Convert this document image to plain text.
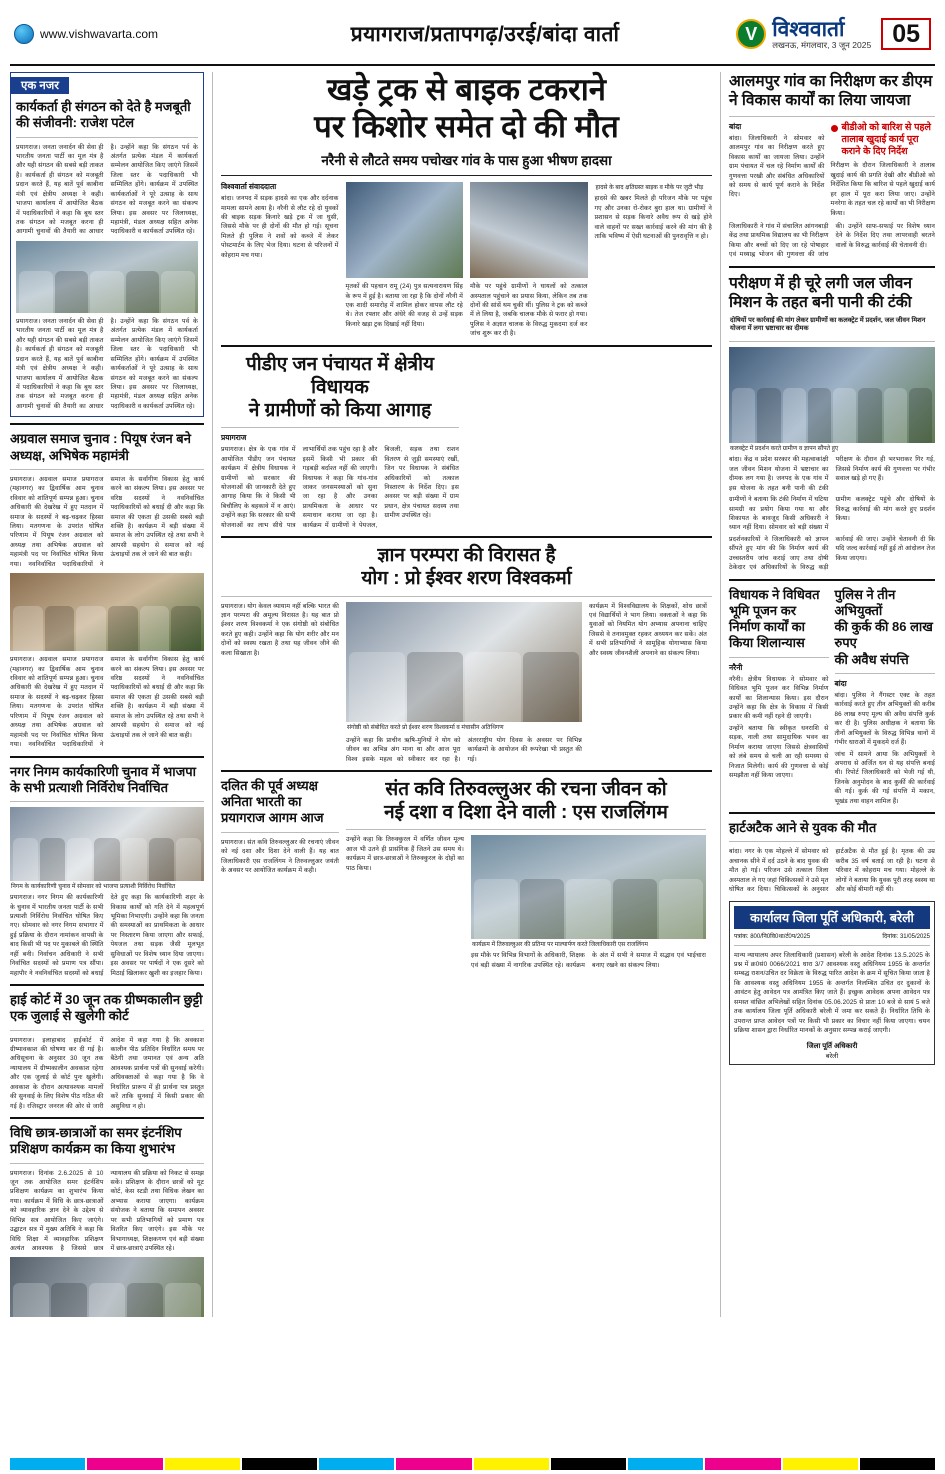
www.vishwavarta.com	प्रयागराज/प्रतापगढ़/उरई/बांदा वार्ता	V विश्ववार्ता
लखनऊ, मंगलवार, 3 जून 2025 05
एक नजर
कार्यकर्ता ही संगठन को देते है मजबूती की संजीवनी: राजेश पटेल
प्रयागराज। जनता जनार्दन की सेवा ही भारतीय जनता पार्टी का मूल मंत्र है और यही संगठन की सबसे बड़ी ताकत है। कार्यकर्ता ही संगठन को मजबूती प्रदान करते हैं, यह बातें पूर्व काबीना मंत्री एवं क्षेत्रीय अध्यक्ष ने कही। भाजपा कार्यालय में आयोजित बैठक में पदाधिकारियों ने कहा कि बूथ स्तर तक संगठन को मजबूत करना ही आगामी चुनावों की तैयारी का आधार है। उन्होंने कहा कि संगठन पर्व के अंतर्गत प्रत्येक मंडल में कार्यकर्ता सम्मेलन आयोजित किए जाएंगे जिसमें जिला स्तर के पदाधिकारी भी सम्मिलित होंगे। कार्यक्रम में उपस्थित कार्यकर्ताओं ने पूरे उत्साह के साथ संगठन को मजबूत करने का संकल्प लिया। इस अवसर पर जिलाध्यक्ष, महामंत्री, मंडल अध्यक्ष सहित अनेक पदाधिकारी व कार्यकर्ता उपस्थित रहे।
प्रयागराज। जनता जनार्दन की सेवा ही भारतीय जनता पार्टी का मूल मंत्र है और यही संगठन की सबसे बड़ी ताकत है। कार्यकर्ता ही संगठन को मजबूती प्रदान करते हैं, यह बातें पूर्व काबीना मंत्री एवं क्षेत्रीय अध्यक्ष ने कही। भाजपा कार्यालय में आयोजित बैठक में पदाधिकारियों ने कहा कि बूथ स्तर तक संगठन को मजबूत करना ही आगामी चुनावों की तैयारी का आधार है। उन्होंने कहा कि संगठन पर्व के अंतर्गत प्रत्येक मंडल में कार्यकर्ता सम्मेलन आयोजित किए जाएंगे जिसमें जिला स्तर के पदाधिकारी भी सम्मिलित होंगे। कार्यक्रम में उपस्थित कार्यकर्ताओं ने पूरे उत्साह के साथ संगठन को मजबूत करने का संकल्प लिया। इस अवसर पर जिलाध्यक्ष, महामंत्री, मंडल अध्यक्ष सहित अनेक पदाधिकारी व कार्यकर्ता उपस्थित रहे।
अग्रवाल समाज चुनाव : पियूष रंजन बने अध्यक्ष, अभिषेक महामंत्री
प्रयागराज। अग्रवाल समाज प्रयागराज (महानगर) का द्विवार्षिक आम चुनाव रविवार को शांतिपूर्ण सम्पन्न हुआ। चुनाव अधिकारी की देखरेख में हुए मतदान में समाज के सदस्यों ने बढ़-चढ़कर हिस्सा लिया। मतगणना के उपरांत घोषित परिणाम में पियूष रंजन अग्रवाल को अध्यक्ष तथा अभिषेक अग्रवाल को महामंत्री पद पर निर्वाचित घोषित किया गया। नवनिर्वाचित पदाधिकारियों ने समाज के सर्वांगीण विकास हेतु कार्य करने का संकल्प लिया। इस अवसर पर वरिष्ठ सदस्यों ने नवनिर्वाचित पदाधिकारियों को बधाई दी और कहा कि समाज की एकता ही उसकी सबसे बड़ी शक्ति है। कार्यक्रम में बड़ी संख्या में समाज के लोग उपस्थित रहे तथा सभी ने आपसी सहयोग से समाज को नई ऊंचाइयों तक ले जाने की बात कही।
प्रयागराज। अग्रवाल समाज प्रयागराज (महानगर) का द्विवार्षिक आम चुनाव रविवार को शांतिपूर्ण सम्पन्न हुआ। चुनाव अधिकारी की देखरेख में हुए मतदान में समाज के सदस्यों ने बढ़-चढ़कर हिस्सा लिया। मतगणना के उपरांत घोषित परिणाम में पियूष रंजन अग्रवाल को अध्यक्ष तथा अभिषेक अग्रवाल को महामंत्री पद पर निर्वाचित घोषित किया गया। नवनिर्वाचित पदाधिकारियों ने समाज के सर्वांगीण विकास हेतु कार्य करने का संकल्प लिया। इस अवसर पर वरिष्ठ सदस्यों ने नवनिर्वाचित पदाधिकारियों को बधाई दी और कहा कि समाज की एकता ही उसकी सबसे बड़ी शक्ति है। कार्यक्रम में बड़ी संख्या में समाज के लोग उपस्थित रहे तथा सभी ने आपसी सहयोग से समाज को नई ऊंचाइयों तक ले जाने की बात कही।
नगर निगम कार्यकारिणी चुनाव में भाजपा के सभी प्रत्याशी निर्विरोध निर्वाचित
निगम के कार्यकारिणी चुनाव में सोमवार को भाजपा प्रत्याशी निर्विरोध निर्वाचित
प्रयागराज। नगर निगम की कार्यकारिणी के चुनाव में भारतीय जनता पार्टी के सभी प्रत्याशी निर्विरोध निर्वाचित घोषित किए गए। सोमवार को नगर निगम सभागार में हुई प्रक्रिया के दौरान नामांकन वापसी के बाद किसी भी पद पर मुकाबले की स्थिति नहीं बनी। निर्वाचन अधिकारी ने सभी निर्वाचित सदस्यों को प्रमाण पत्र सौंपा। महापौर ने नवनिर्वाचित सदस्यों को बधाई देते हुए कहा कि कार्यकारिणी शहर के विकास कार्यों को गति देने में महत्वपूर्ण भूमिका निभाएगी। उन्होंने कहा कि जनता की समस्याओं का प्राथमिकता के आधार पर निस्तारण किया जाएगा और सफाई, पेयजल तथा सड़क जैसी मूलभूत सुविधाओं पर विशेष ध्यान दिया जाएगा। इस अवसर पर पार्षदों ने एक दूसरे को मिठाई खिलाकर खुशी का इजहार किया।
हाई कोर्ट में 30 जून तक ग्रीष्मकालीन छुट्टी एक जुलाई से खुलेगी कोर्ट
प्रयागराज। इलाहाबाद हाईकोर्ट में ग्रीष्मावकाश की घोषणा कर दी गई है। अधिसूचना के अनुसार 30 जून तक न्यायालय में ग्रीष्मकालीन अवकाश रहेगा और एक जुलाई से कोर्ट पुनः खुलेगी। अवकाश के दौरान अत्यावश्यक मामलों की सुनवाई के लिए विशेष पीठ गठित की गई है। रजिस्ट्रार जनरल की ओर से जारी आदेश में कहा गया है कि अवकाश कालीन पीठ प्रतिदिन निर्धारित समय पर बैठेगी तथा जमानत एवं अन्य अति आवश्यक प्रार्थना पत्रों की सुनवाई करेगी। अधिवक्ताओं से कहा गया है कि वे निर्धारित प्रारूप में ही प्रार्थना पत्र प्रस्तुत करें ताकि सुनवाई में किसी प्रकार की असुविधा न हो।
विधि छात्र-छात्राओं का समर इंटर्नशिप प्रशिक्षण कार्यक्रम का किया शुभारंभ
प्रयागराज। दिनांक 2.6.2025 से 10 जून तक आयोजित समर इंटर्नशिप प्रशिक्षण कार्यक्रम का शुभारंभ किया गया। कार्यक्रम में विधि के छात्र-छात्राओं को व्यावहारिक ज्ञान देने के उद्देश्य से विभिन्न सत्र आयोजित किए जाएंगे। उद्घाटन सत्र में मुख्य अतिथि ने कहा कि विधि शिक्षा में व्यावहारिक प्रशिक्षण अत्यंत आवश्यक है जिससे छात्र न्यायालय की प्रक्रिया को निकट से समझ सकें। प्रशिक्षण के दौरान छात्रों को मूट कोर्ट, केस स्टडी तथा विधिक लेखन का अभ्यास कराया जाएगा। कार्यक्रम संयोजक ने बताया कि समापन अवसर पर सभी प्रतिभागियों को प्रमाण पत्र वितरित किए जाएंगे। इस मौके पर विभागाध्यक्ष, शिक्षकगण एवं बड़ी संख्या में छात्र-छात्राएं उपस्थित रहे।
खड़े ट्रक से बाइक टकराने
पर किशोर समेत दो की मौत
नरैनी से लौटते समय पचोखर गांव के पास हुआ भीषण हादसा
विश्ववार्ता संवाददाता
बांदा। जनपद में सड़क हादसे का एक और दर्दनाक मामला सामने आया है। नरैनी से लौट रहे दो युवकों की बाइक सड़क किनारे खड़े ट्रक में जा घुसी, जिससे मौके पर ही दोनों की मौत हो गई। सूचना मिलते ही पुलिस ने शवों को कब्जे में लेकर पोस्टमार्टम के लिए भेज दिया। घटना से परिजनों में कोहराम मच गया।
मृतकों की पहचान रामू (24) पुत्र सत्यनारायण सिंह के रूप में हुई है। बताया जा रहा है कि दोनों नरैनी में एक शादी समारोह में शामिल होकर वापस लौट रहे थे। तेज रफ्तार और अंधेरे की वजह से उन्हें सड़क किनारे खड़ा ट्रक दिखाई नहीं दिया।
मौके पर पहुंचे ग्रामीणों ने घायलों को तत्काल अस्पताल पहुंचाने का प्रयास किया, लेकिन तब तक दोनों की सांसें थम चुकी थीं। पुलिस ने ट्रक को कब्जे में ले लिया है, जबकि चालक मौके से फरार हो गया। पुलिस ने अज्ञात चालक के विरुद्ध मुकदमा दर्ज कर जांच शुरू कर दी है।
हादसे के बाद क्षतिग्रस्त बाइक व मौके पर जुटी भीड़
हादसे की खबर मिलते ही परिजन मौके पर पहुंच गए और उनका रो-रोकर बुरा हाल था। ग्रामीणों ने प्रशासन से सड़क किनारे अवैध रूप से खड़े होने वाले वाहनों पर सख्त कार्रवाई करने की मांग की है ताकि भविष्य में ऐसी घटनाओं की पुनरावृत्ति न हो।
पीडीए जन पंचायत में क्षेत्रीय विधायक
ने ग्रामीणों को किया आगाह
प्रयागराज
प्रयागराज। क्षेत्र के एक गांव में आयोजित पीडीए जन पंचायत कार्यक्रम में क्षेत्रीय विधायक ने ग्रामीणों को सरकार की योजनाओं की जानकारी देते हुए आगाह किया कि वे किसी भी बिचौलिए के बहकावे में न आएं। उन्होंने कहा कि सरकार की सभी योजनाओं का लाभ सीधे पात्र लाभार्थियों तक पहुंच रहा है और इसमें किसी भी प्रकार की गड़बड़ी बर्दाश्त नहीं की जाएगी। विधायक ने कहा कि गांव-गांव जाकर जनसमस्याओं को सुना जा रहा है और उनका प्राथमिकता के आधार पर समाधान कराया जा रहा है। कार्यक्रम में ग्रामीणों ने पेयजल, बिजली, सड़क तथा राशन वितरण से जुड़ी समस्याएं रखीं, जिन पर विधायक ने संबंधित अधिकारियों को तत्काल निस्तारण के निर्देश दिए। इस अवसर पर बड़ी संख्या में ग्राम प्रधान, क्षेत्र पंचायत सदस्य तथा ग्रामीण उपस्थित रहे।
ज्ञान परम्परा की विरासत है
योग : प्रो ईश्वर शरण विश्वकर्मा
प्रयागराज। योग केवल व्यायाम नहीं बल्कि भारत की ज्ञान परम्परा की अमूल्य विरासत है। यह बात प्रो ईश्वर शरण विश्वकर्मा ने एक संगोष्ठी को संबोधित करते हुए कही। उन्होंने कहा कि योग शरीर और मन दोनों को स्वस्थ रखता है तथा यह जीवन जीने की कला सिखाता है।
संगोष्ठी को संबोधित करते प्रो ईश्वर शरण विश्वकर्मा व मंचासीन अतिथिगण
उन्होंने कहा कि प्राचीन ऋषि-मुनियों ने योग को जीवन का अभिन्न अंग माना था और आज पूरा विश्व इसके महत्व को स्वीकार कर रहा है। अंतरराष्ट्रीय योग दिवस के अवसर पर विभिन्न कार्यक्रमों के आयोजन की रूपरेखा भी प्रस्तुत की गई।
कार्यक्रम में विश्वविद्यालय के शिक्षकों, शोध छात्रों एवं विद्यार्थियों ने भाग लिया। वक्ताओं ने कहा कि युवाओं को नियमित योग अभ्यास अपनाना चाहिए जिससे वे तनावमुक्त रहकर अध्ययन कर सकें। अंत में सभी प्रतिभागियों ने सामूहिक योगाभ्यास किया और स्वस्थ जीवनशैली अपनाने का संकल्प लिया।
दलित की पूर्व अध्यक्ष अनिता भारती का प्रयागराज आगम आज
प्रयागराज। संत कवि तिरुवल्लुअर की रचनाएं जीवन को नई दशा और दिशा देने वाली हैं। यह बात जिलाधिकारी एस राजलिंगम ने तिरुवल्लुअर जयंती के अवसर पर आयोजित कार्यक्रम में कही।
संत कवि तिरुवल्लुअर की रचना जीवन को
नई दशा व दिशा देने वाली : एस राजलिंगम
उन्होंने कहा कि तिरुक्कुरल में वर्णित जीवन मूल्य आज भी उतने ही प्रासंगिक हैं जितने उस समय थे। कार्यक्रम में छात्र-छात्राओं ने तिरुक्कुरल के दोहों का पाठ किया।
कार्यक्रम में तिरुवल्लुअर की प्रतिमा पर माल्यार्पण करते जिलाधिकारी एस राजलिंगम
इस मौके पर विभिन्न विभागों के अधिकारी, शिक्षक एवं बड़ी संख्या में नागरिक उपस्थित रहे। कार्यक्रम के अंत में सभी ने समाज में सद्भाव एवं भाईचारा बनाए रखने का संकल्प लिया।
आलमपुर गांव का निरीक्षण कर डीएम
ने विकास कार्यों का लिया जायजा
बांदा
बांदा। जिलाधिकारी ने सोमवार को आलमपुर गांव का निरीक्षण करते हुए विकास कार्यों का जायजा लिया। उन्होंने ग्राम पंचायत में चल रहे निर्माण कार्यों की गुणवत्ता परखी और संबंधित अधिकारियों को समय से कार्य पूर्ण कराने के निर्देश दिए।
बीडीओ को बारिश से पहले तालाब खुदाई कार्य पूरा कराने के दिए निर्देश
निरीक्षण के दौरान जिलाधिकारी ने तालाब खुदाई कार्य की प्रगति देखी और बीडीओ को निर्देशित किया कि बारिश से पहले खुदाई कार्य हर हाल में पूरा करा लिया जाए। उन्होंने मनरेगा के तहत चल रहे कार्यों का भी निरीक्षण किया।
जिलाधिकारी ने गांव में संचालित आंगनबाड़ी केंद्र तथा प्राथमिक विद्यालय का भी निरीक्षण किया और बच्चों को दिए जा रहे पोषाहार एवं मध्याह्न भोजन की गुणवत्ता की जांच की। उन्होंने साफ-सफाई पर विशेष ध्यान देने के निर्देश दिए तथा लापरवाही बरतने वालों के विरुद्ध कार्रवाई की चेतावनी दी।
परीक्षण में ही चूरे लगी जल जीवन मिशन के तहत बनी पानी की टंकी
दोषियों पर कार्रवाई की मांग लेकर ग्रामीणों का कलक्ट्रेट में प्रदर्शन, जल जीवन मिशन योजना में लगा भ्रष्टाचार का दीमक
कलक्ट्रेट में प्रदर्शन करते ग्रामीण व ज्ञापन सौंपते हुए
बांदा। केंद्र व प्रदेश सरकार की महत्वाकांक्षी जल जीवन मिशन योजना में भ्रष्टाचार का दीमक लग गया है। जनपद के एक गांव में इस योजना के तहत बनी पानी की टंकी परीक्षण के दौरान ही भरभराकर गिर गई, जिससे निर्माण कार्य की गुणवत्ता पर गंभीर सवाल खड़े हो गए हैं।
ग्रामीणों ने बताया कि टंकी निर्माण में घटिया सामग्री का प्रयोग किया गया था और शिकायत के बावजूद किसी अधिकारी ने ध्यान नहीं दिया। सोमवार को बड़ी संख्या में ग्रामीण कलक्ट्रेट पहुंचे और दोषियों के विरुद्ध कार्रवाई की मांग करते हुए प्रदर्शन किया।
प्रदर्शनकारियों ने जिलाधिकारी को ज्ञापन सौंपते हुए मांग की कि निर्माण कार्य की उच्चस्तरीय जांच कराई जाए तथा दोषी ठेकेदार एवं अधिकारियों के विरुद्ध कड़ी कार्रवाई की जाए। उन्होंने चेतावनी दी कि यदि जल्द कार्रवाई नहीं हुई तो आंदोलन तेज किया जाएगा।
विधायक ने विधिवत भूमि पूजन कर
निर्माण कार्यों का किया शिलान्यास
नरैनी
नरैनी। क्षेत्रीय विधायक ने सोमवार को विधिवत भूमि पूजन कर विभिन्न निर्माण कार्यों का शिलान्यास किया। इस दौरान उन्होंने कहा कि क्षेत्र के विकास में किसी प्रकार की कमी नहीं रहने दी जाएगी।
उन्होंने बताया कि स्वीकृत धनराशि से सड़क, नाली तथा सामुदायिक भवन का निर्माण कराया जाएगा जिससे क्षेत्रवासियों को लंबे समय से चली आ रही समस्या से निजात मिलेगी। कार्य की गुणवत्ता से कोई समझौता नहीं किया जाएगा।
पुलिस ने तीन अभियुक्तों
की कुर्क की 86 लाख रुपए
की अवैध संपत्ति
बांदा
बांदा। पुलिस ने गैंगस्टर एक्ट के तहत कार्रवाई करते हुए तीन अभियुक्तों की करीब 86 लाख रुपए मूल्य की अवैध संपत्ति कुर्क कर दी है। पुलिस अधीक्षक ने बताया कि तीनों अभियुक्तों के विरुद्ध विभिन्न थानों में गंभीर धाराओं में मुकदमे दर्ज हैं।
जांच में सामने आया कि अभियुक्तों ने अपराध से अर्जित धन से यह संपत्ति बनाई थी। रिपोर्ट जिलाधिकारी को भेजी गई थी, जिनके अनुमोदन के बाद कुर्की की कार्रवाई की गई। कुर्क की गई संपत्ति में मकान, भूखंड तथा वाहन शामिल हैं।
हार्टअटैक आने से युवक की मौत
बांदा। नगर के एक मोहल्ले में सोमवार को अचानक सीने में दर्द उठने के बाद युवक की मौत हो गई। परिजन उसे तत्काल जिला अस्पताल ले गए जहां चिकित्सकों ने उसे मृत घोषित कर दिया। चिकित्सकों के अनुसार हार्टअटैक से मौत हुई है। मृतक की उम्र करीब 35 वर्ष बताई जा रही है। घटना से परिवार में कोहराम मच गया। मोहल्ले के लोगों ने बताया कि युवक पूरी तरह स्वस्थ था और कोई बीमारी नहीं थी।
कार्यालय जिला पूर्ति अधिकारी, बरेली
पत्रांक: 800/नि0वि0था/र्ट0प/2025	दिनांक: 31/05/2025
मान्य न्यायालय अपर जिलाधिकारी (प्रशासन) बरेली के आदेश दिनांक 13.5.2025 के प्रश्न में क्र0सं0 0066/2021 धारा 3/7 आवश्यक वस्तु अधिनियम 1955 के अन्तर्गत सम्बद्ध राशन/उचित दर विक्रेता के विरुद्ध पारित आदेश के क्रम में सूचित किया जाता है कि आवश्यक वस्तु अधिनियम 1955 के अन्तर्गत निलम्बित उचित दर दुकानों के आवंटन हेतु आवेदन पत्र आमंत्रित किए जाते हैं। इच्छुक आवेदक अपना आवेदन पत्र समस्त वांछित अभिलेखों सहित दिनांक 05.06.2025 से प्रातः 10 बजे से सायं 5 बजे तक कार्यालय जिला पूर्ति अधिकारी बरेली में जमा कर सकते हैं। निर्धारित तिथि के उपरान्त प्राप्त आवेदन पत्रों पर किसी भी प्रकार का विचार नहीं किया जाएगा। चयन प्रक्रिया शासन द्वारा निर्धारित मानकों के अनुसार सम्पन्न कराई जाएगी।
जिला पूर्ति अधिकारी
बरेली
